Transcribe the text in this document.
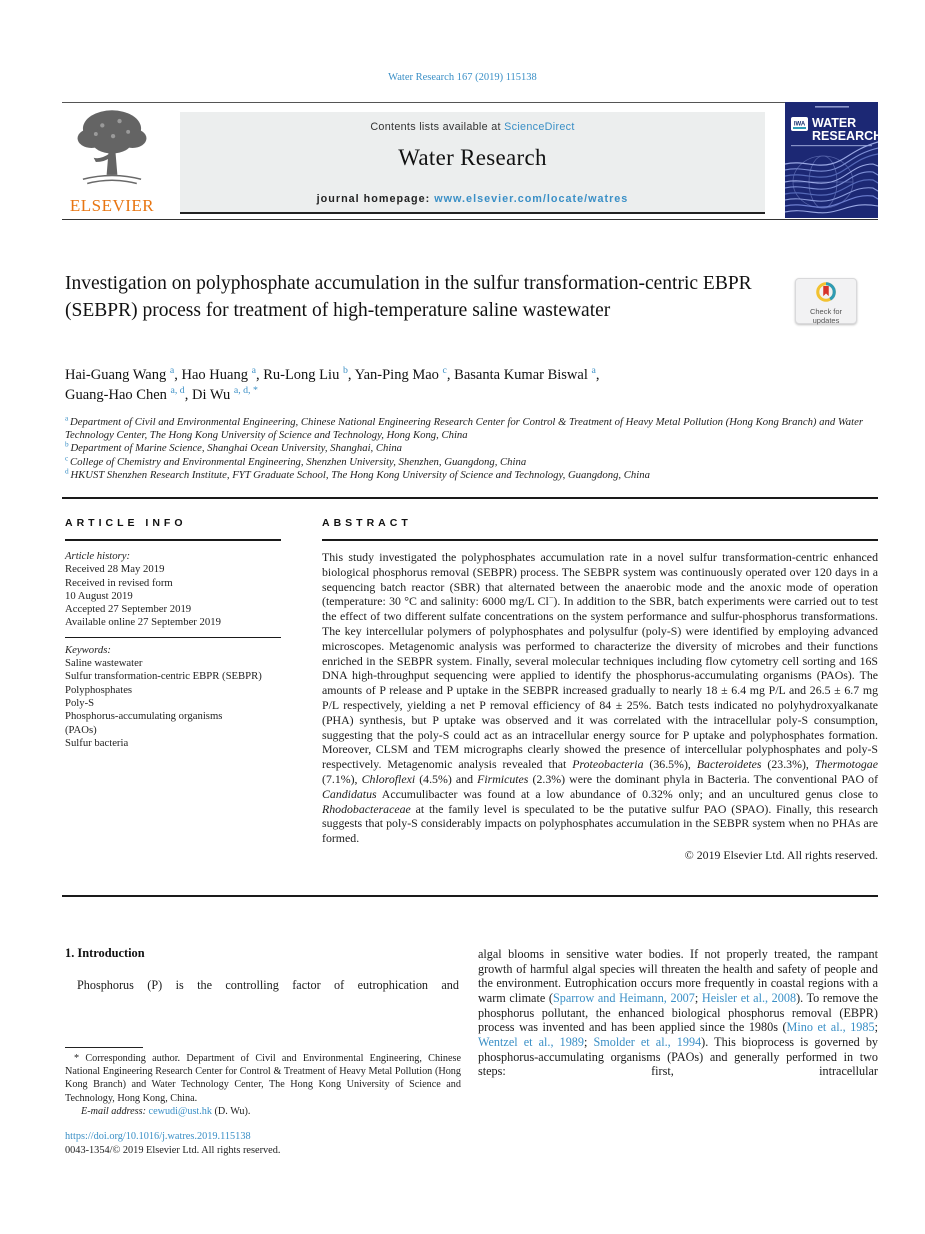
Water Research 167 (2019) 115138
ELSEVIER
Contents lists available at ScienceDirect
Water Research
journal homepage: www.elsevier.com/locate/watres
IWA WATER
RESEARCH
Investigation on polyphosphate accumulation in the sulfur transformation-centric EBPR (SEBPR) process for treatment of high-temperature saline wastewater	Check for
updates
Hai-Guang Wang $^a$, Hao Huang $^a$, Ru-Long Liu $^b$, Yan-Ping Mao $^c$, Basanta Kumar Biswal $^a$,
Guang-Hao Chen $^{a, d}$, Di Wu $^{a, d, *}$
$^a$ Department of Civil and Environmental Engineering, Chinese National Engineering Research Center for Control & Treatment of Heavy Metal Pollution (Hong Kong Branch) and Water Technology Center, The Hong Kong University of Science and Technology, Hong Kong, China
$^b$ Department of Marine Science, Shanghai Ocean University, Shanghai, China
$^c$ College of Chemistry and Environmental Engineering, Shenzhen University, Shenzhen, Guangdong, China
$^d$ HKUST Shenzhen Research Institute, FYT Graduate School, The Hong Kong University of Science and Technology, Guangdong, China
ARTICLE INFO	ABSTRACT
Article history:
Received 28 May 2019
Received in revised form
10 August 2019
Accepted 27 September 2019
Available online 27 September 2019
Keywords:
Saline wastewater
Sulfur transformation-centric EBPR (SEBPR)
Polyphosphates
Poly-S
Phosphorus-accumulating organisms
(PAOs)
Sulfur bacteria
This study investigated the polyphosphates accumulation rate in a novel sulfur transformation-centric enhanced biological phosphorus removal (SEBPR) process. The SEBPR system was continuously operated over 120 days in a sequencing batch reactor (SBR) that alternated between the anaerobic mode and the anoxic mode of operation (temperature: 30 °C and salinity: 6000 mg/L Cl−). In addition to the SBR, batch experiments were carried out to test the effect of two different sulfate concentrations on the system performance and sulfur-phosphorus transformations. The key intercellular polymers of polyphosphates and polysulfur (poly-S) were identified by employing advanced microscopes. Metagenomic analysis was performed to characterize the diversity of microbes and their functions enriched in the SEBPR system. Finally, several molecular techniques including flow cytometry cell sorting and 16S DNA high-throughput sequencing were applied to identify the phosphorus-accumulating organisms (PAOs). The amounts of P release and P uptake in the SEBPR increased gradually to nearly 18 ± 6.4 mg P/L and 26.5 ± 6.7 mg P/L respectively, yielding a net P removal efficiency of 84 ± 25%. Batch tests indicated no polyhydroxyalkanate (PHA) synthesis, but P uptake was observed and it was correlated with the intracellular poly-S consumption, suggesting that the poly-S could act as an intracellular energy source for P uptake and polyphosphates formation. Moreover, CLSM and TEM micrographs clearly showed the presence of intercellular polyphosphates and poly-S respectively. Metagenomic analysis revealed that Proteobacteria (36.5%), Bacteroidetes (23.3%), Thermotogae (7.1%), Chloroflexi (4.5%) and Firmicutes (2.3%) were the dominant phyla in Bacteria. The conventional PAO of Candidatus Accumulibacter was found at a low abundance of 0.32% only; and an uncultured genus close to Rhodobacteraceae at the family level is speculated to be the putative sulfur PAO (SPAO). Finally, this research suggests that poly-S considerably impacts on polyphosphates accumulation in the SEBPR system when no PHAs are formed.
© 2019 Elsevier Ltd. All rights reserved.
1. Introduction
Phosphorus (P) is the controlling factor of eutrophication and
algal blooms in sensitive water bodies. If not properly treated, the rampant growth of harmful algal species will threaten the health and safety of people and the environment. Eutrophication occurs more frequently in coastal regions with a warm climate (Sparrow and Heimann, 2007; Heisler et al., 2008). To remove the phosphorus pollutant, the enhanced biological phosphorus removal (EBPR) process was invented and has been applied since the 1980s (Mino et al., 1985; Wentzel et al., 1989; Smolder et al., 1994). This bioprocess is governed by phosphorus-accumulating organisms (PAOs) and generally performed in two steps: first, intracellular
* Corresponding author. Department of Civil and Environmental Engineering, Chinese National Engineering Research Center for Control & Treatment of Heavy Metal Pollution (Hong Kong Branch) and Water Technology Center, The Hong Kong University of Science and Technology, Hong Kong, China.
E-mail address: cewudi@ust.hk (D. Wu).
https://doi.org/10.1016/j.watres.2019.115138
0043-1354/© 2019 Elsevier Ltd. All rights reserved.
